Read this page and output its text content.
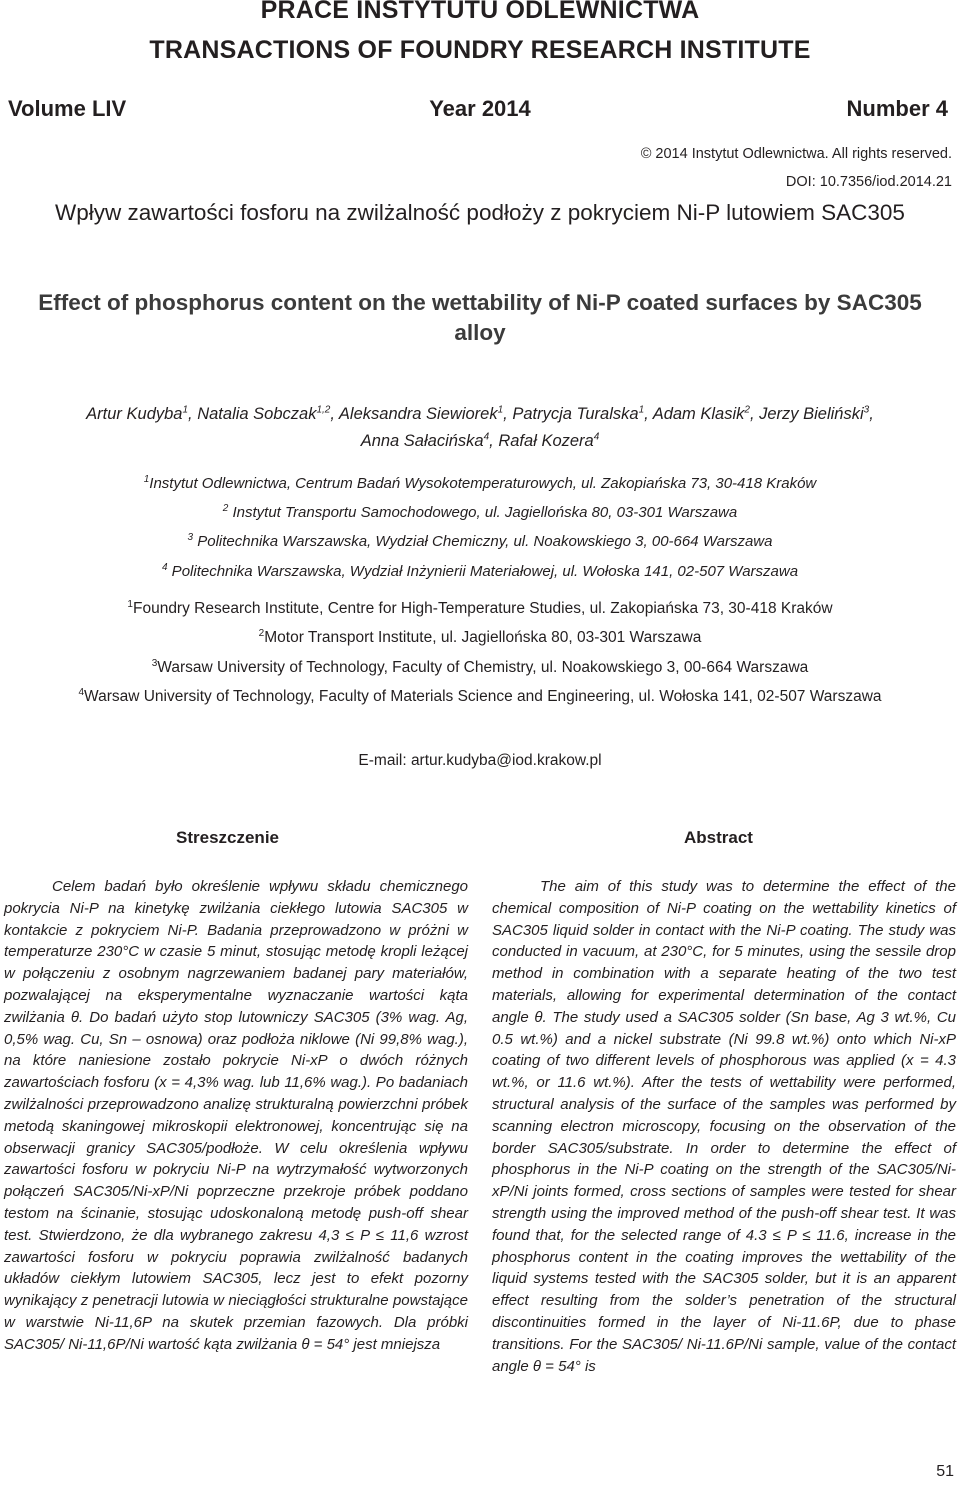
PRACE INSTYTUTU ODLEWNICTWA
TRANSACTIONS OF FOUNDRY RESEARCH INSTITUTE
Volume LIV	Year 2014	Number 4
© 2014 Instytut Odlewnictwa. All rights reserved.
DOI: 10.7356/iod.2014.21
Wpływ zawartości fosforu na zwilżalność podłoży z pokryciem Ni-P lutowiem SAC305
Effect of phosphorus content on the wettability of Ni-P coated surfaces by SAC305 alloy
Artur Kudyba$^1$, Natalia Sobczak$^{1,2}$, Aleksandra Siewiorek$^1$, Patrycja Turalska$^1$, Adam Klasik$^2$, Jerzy Bieliński$^3$,
Anna Sałacińska$^4$, Rafał Kozera$^4$
$^1$Instytut Odlewnictwa, Centrum Badań Wysokotemperaturowych, ul. Zakopiańska 73, 30-418 Kraków
$^2$ Instytut Transportu Samochodowego, ul. Jagiellońska 80, 03-301 Warszawa
$^3$ Politechnika Warszawska, Wydział Chemiczny, ul. Noakowskiego 3, 00-664 Warszawa
$^4$ Politechnika Warszawska, Wydział Inżynierii Materiałowej, ul. Wołoska 141, 02-507 Warszawa
$^1$Foundry Research Institute, Centre for High-Temperature Studies, ul. Zakopiańska 73, 30-418 Kraków
$^2$Motor Transport Institute, ul. Jagiellońska 80, 03-301 Warszawa
$^3$Warsaw University of Technology, Faculty of Chemistry, ul. Noakowskiego 3, 00-664 Warszawa
$^4$Warsaw University of Technology, Faculty of Materials Science and Engineering, ul. Wołoska 141, 02-507 Warszawa
E-mail: artur.kudyba@iod.krakow.pl
Streszczenie	Abstract

Celem badań było określenie wpływu składu chemicznego pokrycia Ni-P na kinetykę zwilżania ciekłego lutowia SAC305 w kontakcie z pokryciem Ni-P. Badania przeprowadzono w próżni w temperaturze 230°C w czasie 5 minut, stosując metodę kropli leżącej w połączeniu z osobnym nagrzewaniem badanej pary materiałów, pozwalającej na eksperymentalne wyznaczanie wartości kąta zwilżania θ. Do badań użyto stop lutowniczy SAC305 (3% wag. Ag, 0,5% wag. Cu, Sn – osnowa) oraz podłoża niklowe (Ni 99,8% wag.), na które naniesione zostało pokrycie Ni-xP o dwóch różnych zawartościach fosforu (x = 4,3% wag. lub 11,6% wag.). Po badaniach zwilżalności przeprowadzono analizę strukturalną powierzchni próbek metodą skaningowej mikroskopii elektronowej, koncentrując się na obserwacji granicy SAC305/podłoże. W celu określenia wpływu zawartości fosforu w pokryciu Ni-P na wytrzymałość wytworzonych połączeń SAC305/Ni-xP/Ni poprzeczne przekroje próbek poddano testom na ścinanie, stosując udoskonaloną metodę push-off shear test. Stwierdzono, że dla wybranego zakresu 4,3 ≤ P ≤ 11,6 wzrost zawartości fosforu w pokryciu poprawia zwilżalność badanych układów ciekłym lutowiem SAC305, lecz jest to efekt pozorny wynikający z penetracji lutowia w nieciągłości strukturalne powstające w warstwie Ni-11,6P na skutek przemian fazowych. Dla próbki SAC305/ Ni-11,6P/Ni wartość kąta zwilżania θ = 54° jest mniejsza

The aim of this study was to determine the effect of the chemical composition of Ni-P coating on the wettability kinetics of SAC305 liquid solder in contact with the Ni-P coating. The study was conducted in vacuum, at 230°C, for 5 minutes, using the sessile drop method in combination with a separate heating of the two test materials, allowing for experimental determination of the contact angle θ. The study used a SAC305 solder (Sn base, Ag 3 wt.%, Cu 0.5 wt.%) and a nickel substrate (Ni 99.8 wt.%) onto which Ni-xP coating of two different levels of phosphorous was applied (x = 4.3 wt.%, or 11.6 wt.%). After the tests of wettability were performed, structural analysis of the surface of the samples was performed by scanning electron microscopy, focusing on the observation of the border SAC305/substrate. In order to determine the effect of phosphorus in the Ni-P coating on the strength of the SAC305/Ni-xP/Ni joints formed, cross sections of samples were tested for shear strength using the improved method of the push-off shear test. It was found that, for the selected range of 4.3 ≤ P ≤ 11.6, increase in the phosphorus content in the coating improves the wettability of the liquid systems tested with the SAC305 solder, but it is an apparent effect resulting from the solder’s penetration of the structural discontinuities formed in the layer of Ni-11.6P, due to phase transitions. For the SAC305/ Ni-11.6P/Ni sample, value of the contact angle θ = 54° is

51
